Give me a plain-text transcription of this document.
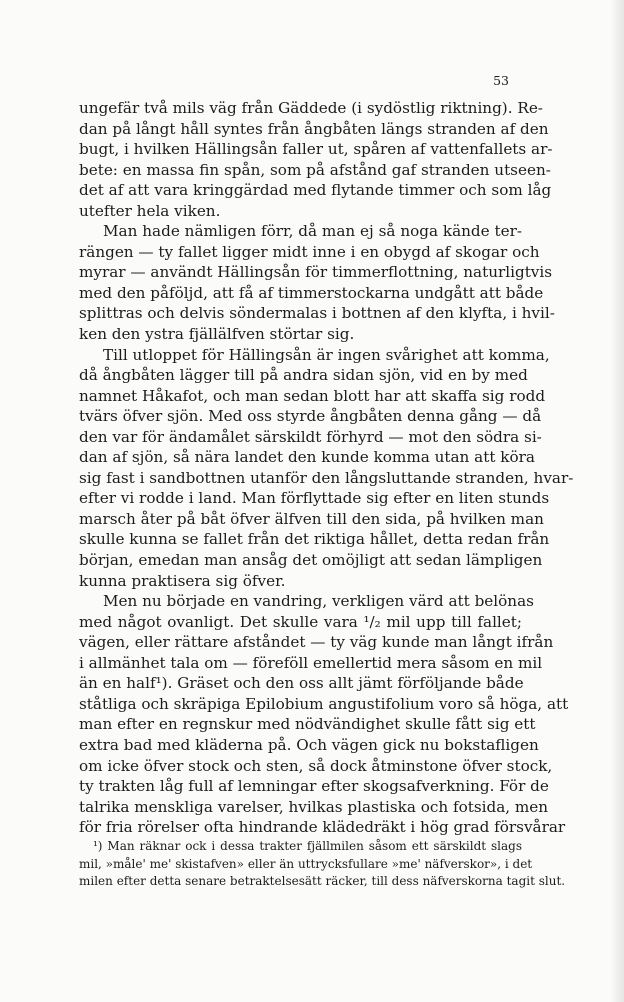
53
ungefär två mils väg från Gäddede (i sydöstlig riktning). Re-
dan på långt håll syntes från ångbåten längs stranden af den
bugt, i hvilken Hällingsån faller ut, spåren af vattenfallets ar-
bete: en massa fin spån, som på afstånd gaf stranden utseen-
det af att vara kringgärdad med flytande timmer och som låg
utefter hela viken.
Man hade nämligen förr, då man ej så noga kände ter-
rängen — ty fallet ligger midt inne i en obygd af skogar och
myrar — användt Hällingsån för timmerflottning, naturligtvis
med den påföljd, att få af timmerstockarna undgått att både
splittras och delvis söndermalas i bottnen af den klyfta, i hvil-
ken den ystra fjällälfven störtar sig.
Till utloppet för Hällingsån är ingen svårighet att komma,
då ångbåten lägger till på andra sidan sjön, vid en by med
namnet Håkafot, och man sedan blott har att skaffa sig rodd
tvärs öfver sjön. Med oss styrde ångbåten denna gång — då
den var för ändamålet särskildt förhyrd — mot den södra si-
dan af sjön, så nära landet den kunde komma utan att köra
sig fast i sandbottnen utanför den långsluttande stranden, hvar-
efter vi rodde i land. Man förflyttade sig efter en liten stunds
marsch åter på båt öfver älfven till den sida, på hvilken man
skulle kunna se fallet från det riktiga hållet, detta redan från
början, emedan man ansåg det omöjligt att sedan lämpligen
kunna praktisera sig öfver.
Men nu började en vandring, verkligen värd att belönas
med något ovanligt. Det skulle vara ¹/₂ mil upp till fallet;
vägen, eller rättare afståndet — ty väg kunde man långt ifrån
i allmänhet tala om — föreföll emellertid mera såsom en mil
än en half¹). Gräset och den oss allt jämt förföljande både
ståtliga och skräpiga Epilobium angustifolium voro så höga, att
man efter en regnskur med nödvändighet skulle fått sig ett
extra bad med kläderna på. Och vägen gick nu bokstafligen
om icke öfver stock och sten, så dock åtminstone öfver stock,
ty trakten låg full af lemningar efter skogsafverkning. För de
talrika menskliga varelser, hvilkas plastiska och fotsida, men
för fria rörelser ofta hindrande klädedräkt i hög grad försvårar
¹) Man räknar ock i dessa trakter fjällmilen såsom ett särskildt slags
mil, »måle' me' skistafven» eller än uttrycksfullare »me' näfverskor», i det
milen efter detta senare betraktelsesätt räcker, till dess näfverskorna tagit slut.
